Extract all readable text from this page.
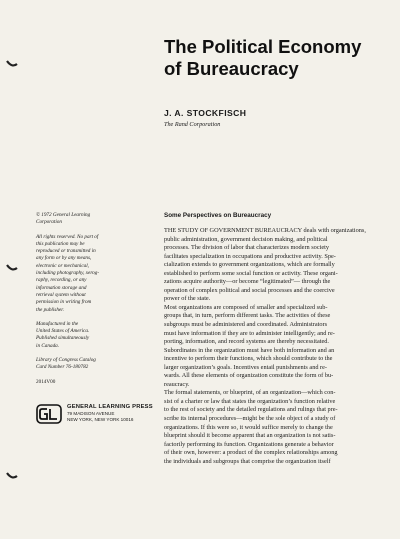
The Political Economy
of Bureaucracy
J. A. STOCKFISCH
The Rand Corporation
© 1972 General Learning
Corporation
All rights reserved. No part of
this publication may be
reproduced or transmitted in
any form or by any means,
electronic or mechanical,
including photography, xerog-
raphy, recording, or any
information storage and
retrieval system without
permission in writing from
the publisher.
Manufactured in the
United States of America.
Published simultaneously
in Canada.
Library of Congress Catalog
Card Number 76-180782
2014V00
GENERAL LEARNING PRESS
79 MADISON AVENUE
NEW YORK, NEW YORK 10016
Some Perspectives on Bureaucracy
THE STUDY OF GOVERNMENT BUREAUCRACY deals with organizations,
public administration, government decision making, and political
processes. The division of labor that characterizes modern society
facilitates specialization in occupations and productive activity. Spe-
cialization extends to government organizations, which are formally
established to perform some social function or activity. These organi-
zations acquire authority—or become “legitimated”— through the
operation of complex political and social processes and the coercive
power of the state.
Most organizations are composed of smaller and specialized sub-
groups that, in turn, perform different tasks. The activities of these
subgroups must be administered and coordinated. Administrators
must have information if they are to administer intelligently; and re-
porting, information, and record systems are thereby necessitated.
Subordinates in the organization must have both information and an
incentive to perform their functions, which should contribute to the
larger organization’s goals. Incentives entail punishments and re-
wards. All these elements of organization constitute the form of bu-
reaucracy.
The formal statements, or blueprint, of an organization—which con-
sist of a charter or law that states the organization’s function relative
to the rest of society and the detailed regulations and rulings that pre-
scribe its internal procedures—might be the sole object of a study of
organizations. If this were so, it would suffice merely to change the
blueprint should it become apparent that an organization is not satis-
factorily performing its function. Organizations generate a behavior
of their own, however: a product of the complex relationships among
the individuals and subgroups that comprise the organization itself
